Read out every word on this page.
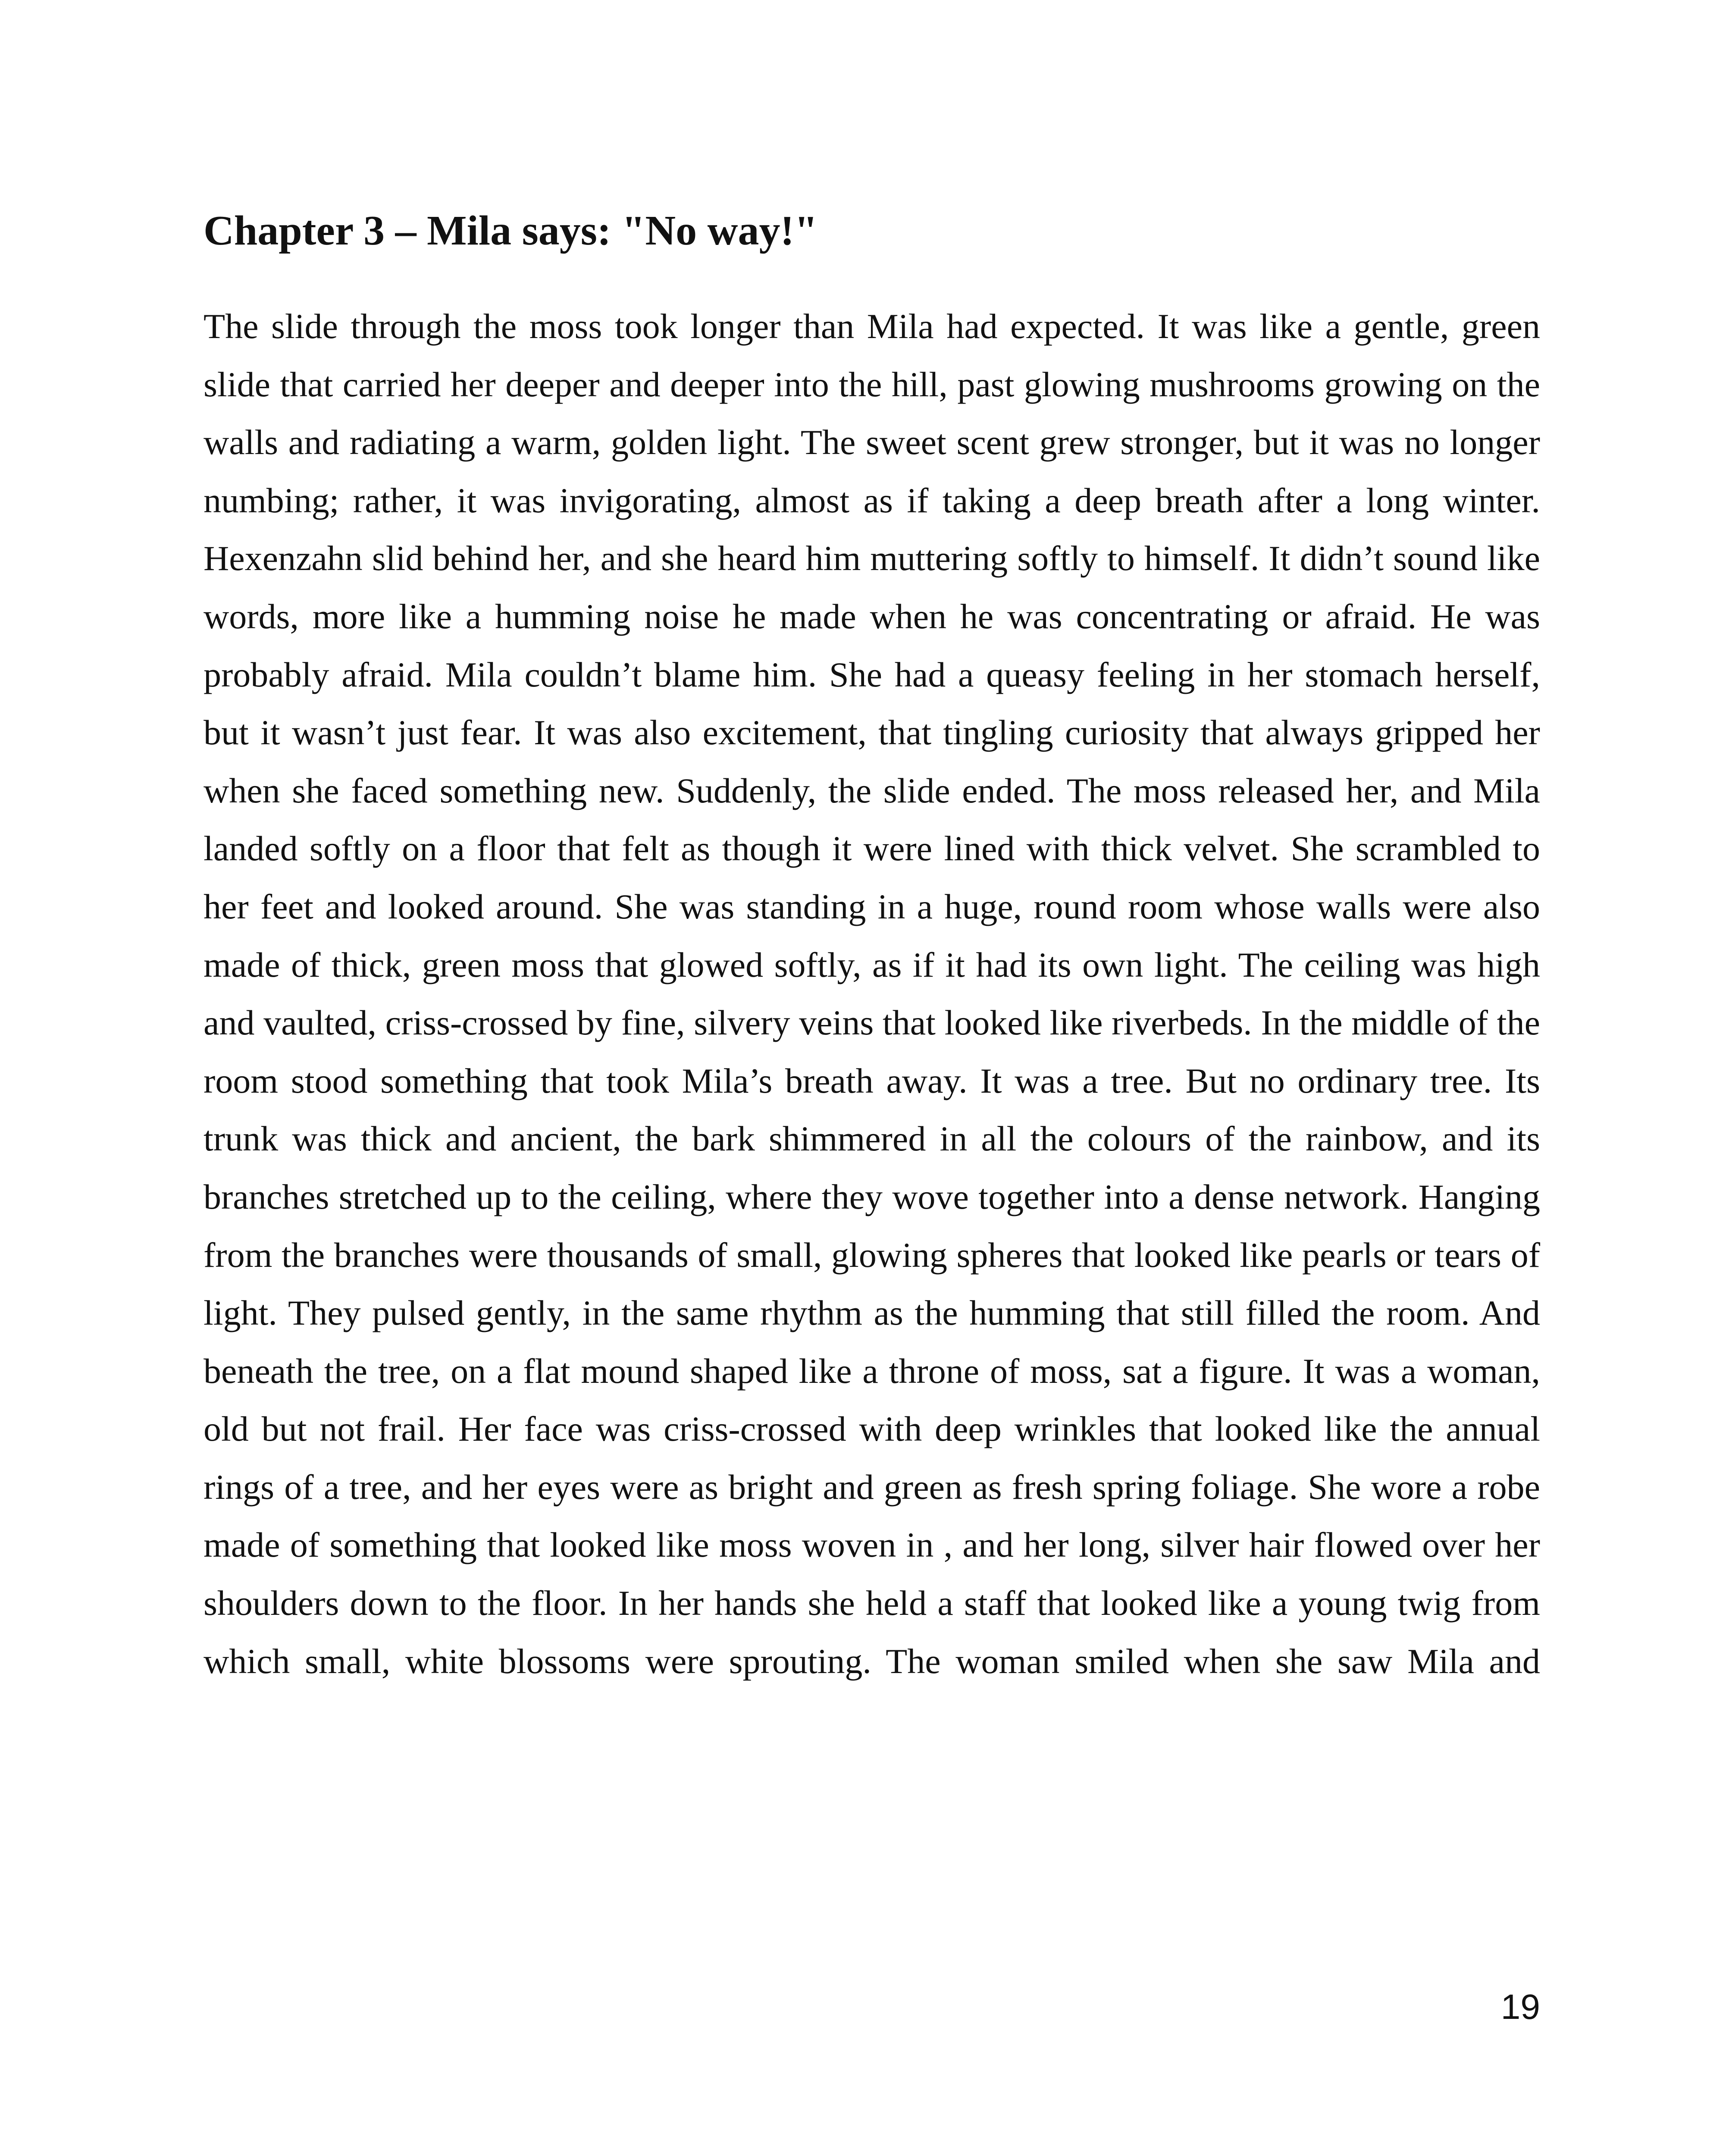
Chapter 3 – Mila says: "No way!"

The slide through the moss took longer than Mila had expected. It was like a gentle, green slide that carried her deeper and deeper into the hill, past glowing mushrooms growing on the walls and radiating a warm, golden light. The sweet scent grew stronger, but it was no longer numbing; rather, it was invigorating, almost as if taking a deep breath after a long winter. Hexenzahn slid behind her, and she heard him muttering softly to himself. It didn’t sound like words, more like a humming noise he made when he was concentrating or afraid. He was probably afraid. Mila couldn’t blame him. She had a queasy feeling in her stomach herself, but it wasn’t just fear. It was also excitement, that tingling curiosity that always gripped her when she faced something new. Suddenly, the slide ended. The moss released her, and Mila landed softly on a floor that felt as though it were lined with thick velvet. She scrambled to her feet and looked around. She was standing in a huge, round room whose walls were also made of thick, green moss that glowed softly, as if it had its own light. The ceiling was high and vaulted, criss-crossed by fine, silvery veins that looked like riverbeds. In the middle of the room stood something that took Mila’s breath away. It was a tree. But no ordinary tree. Its trunk was thick and ancient, the bark shimmered in all the colours of the rainbow, and its branches stretched up to the ceiling, where they wove together into a dense network. Hanging from the branches were thousands of small, glowing spheres that looked like pearls or tears of light. They pulsed gently, in the same rhythm as the humming that still filled the room. And beneath the tree, on a flat mound shaped like a throne of moss, sat a figure. It was a woman, old but not frail. Her face was criss-crossed with deep wrinkles that looked like the annual rings of a tree, and her eyes were as bright and green as fresh spring foliage. She wore a robe made of something that looked like moss woven in , and her long, silver hair flowed over her shoulders down to the floor. In her hands she held a staff that looked like a young twig from which small, white blossoms were sprouting. The woman smiled when she saw Mila and

19
